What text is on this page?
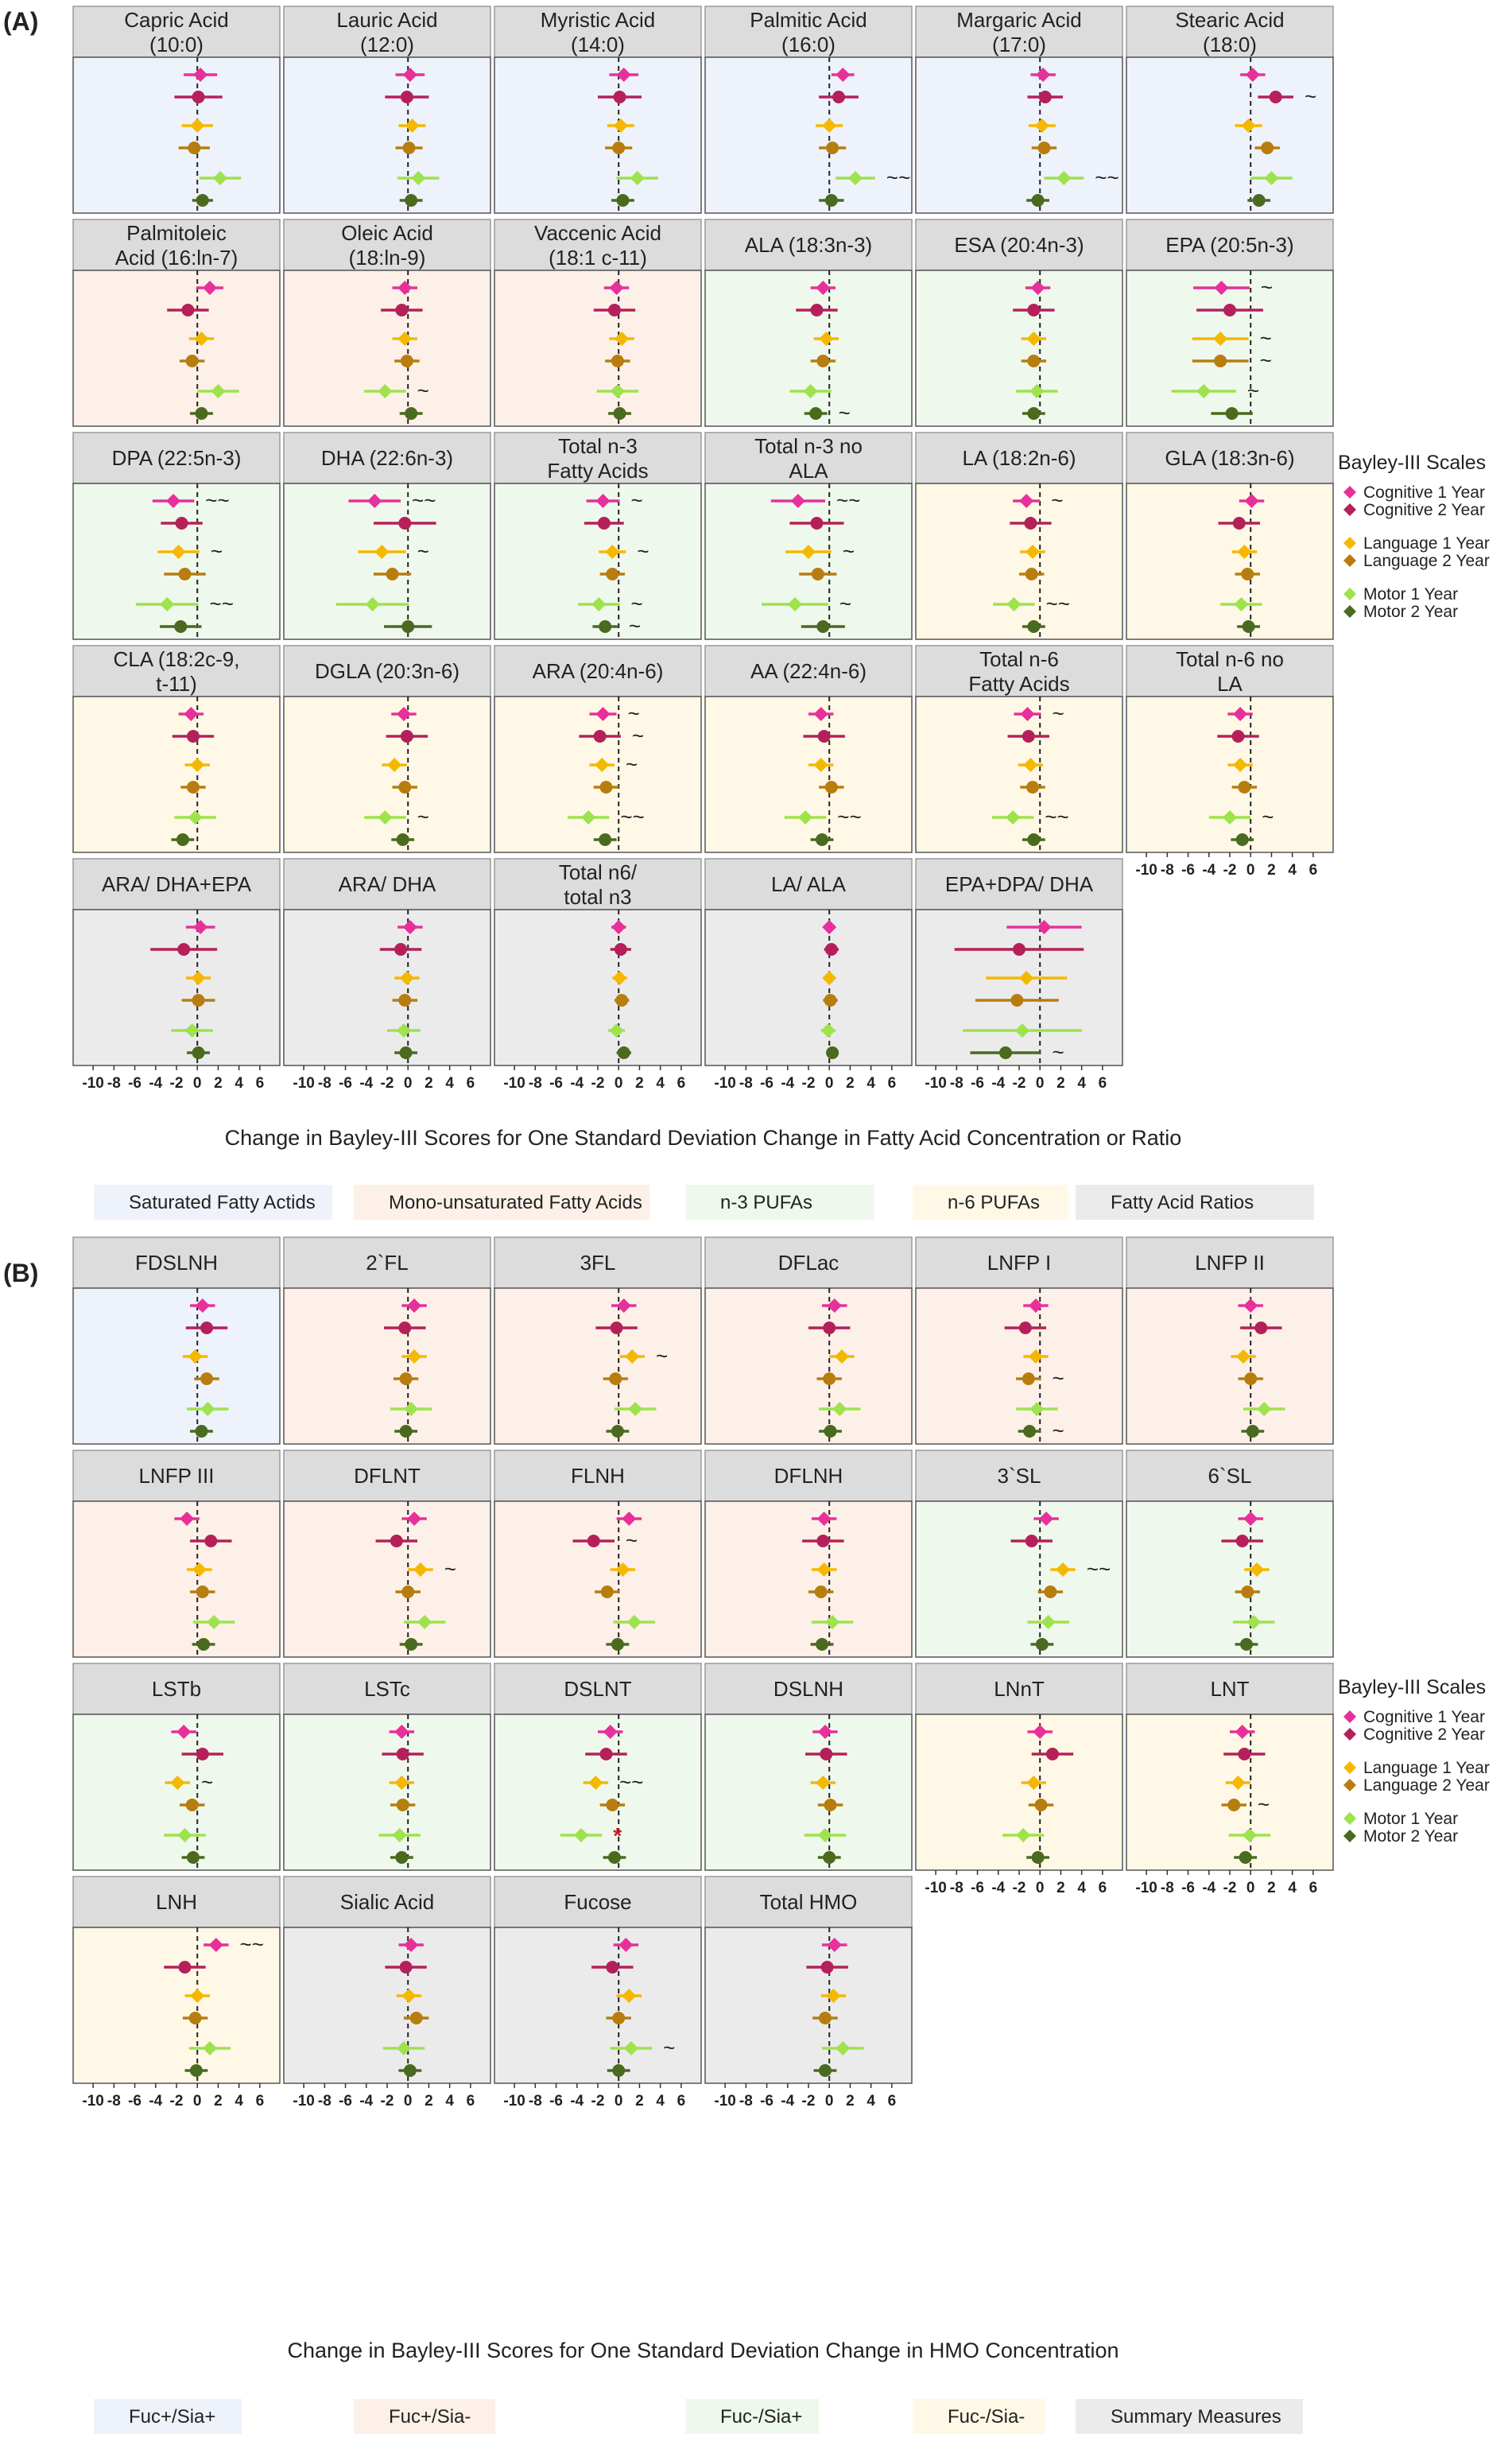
(A)
(B)
Capric Acid
(10:0)
Lauric Acid
(12:0)
Myristic Acid
(14:0)
Palmitic Acid
(16:0)
~~
Margaric Acid
(17:0)
~~
Stearic Acid
(18:0)
~
Palmitoleic
Acid (16:ln-7)
Oleic Acid
(18:ln-9)
~
Vaccenic Acid
(18:1 c-11)
ALA (18:3n-3)
~
ESA (20:4n-3)	EPA (20:5n-3)
~
~
~
~
DPA (22:5n-3)
~~
~
~~
DHA (22:6n-3)
~~
~
Total n-3
Fatty Acids
~
~
~
~
Total n-3 no
ALA
~~
~
~
LA (18:2n-6)
~
~~
GLA (18:3n-6)
CLA (18:2c-9,
t-11)
DGLA (20:3n-6)
~
ARA (20:4n-6)
~
~
~
~~
AA (22:4n-6)
~~
Total n-6
Fatty Acids
~
~~
Total n-6 no
LA
~
ARA/ DHA+EPA	ARA/ DHA	Total n6/
total n3
LA/ ALA	EPA+DPA/ DHA
~
-10 -8 -6 -4 -2 0 2 4 6 -10 -8 -6 -4 -2 0 2 4 6 -10 -8 -6 -4 -2 0 2 4 6 -10 -8 -6 -4 -2 0 2 4 6 -10 -8 -6 -4 -2 0 2 4 6
-10 -8 -6 -4 -2 0 2 4 6
Bayley-III Scales
Cognitive 1 Year
Cognitive 2 Year
Language 1 Year
Language 2 Year
Motor 1 Year
Motor 2 Year
Change in Bayley-III Scores for One Standard Deviation Change in Fatty Acid Concentration or Ratio
Saturated Fatty Actids	Mono-unsaturated Fatty Acids	n-3 PUFAs	n-6 PUFAs	Fatty Acid Ratios
FDSLNH	2`FL	3FL
~
DFLac	LNFP I
~
~
LNFP II
LNFP III	DFLNT
~
FLNH
~
DFLNH	3`SL
~~
6`SL
LSTb
~
LSTc	DSLNT
~~
*
DSLNH	LNnT	LNT
~
LNH
~~
Sialic Acid	Fucose
~
Total HMO
-10 -8 -6 -4 -2 0 2 4 6 -10 -8 -6 -4 -2 0 2 4 6 -10 -8 -6 -4 -2 0 2 4 6 -10 -8 -6 -4 -2 0 2 4 6
-10 -8 -6 -4 -2 0 2 4 6 -10 -8 -6 -4 -2 0 2 4 6
Bayley-III Scales
Cognitive 1 Year
Cognitive 2 Year
Language 1 Year
Language 2 Year
Motor 1 Year
Motor 2 Year
Change in Bayley-III Scores for One Standard Deviation Change in HMO Concentration
Fuc+/Sia+	Fuc+/Sia-	Fuc-/Sia+	Fuc-/Sia-	Summary Measures
